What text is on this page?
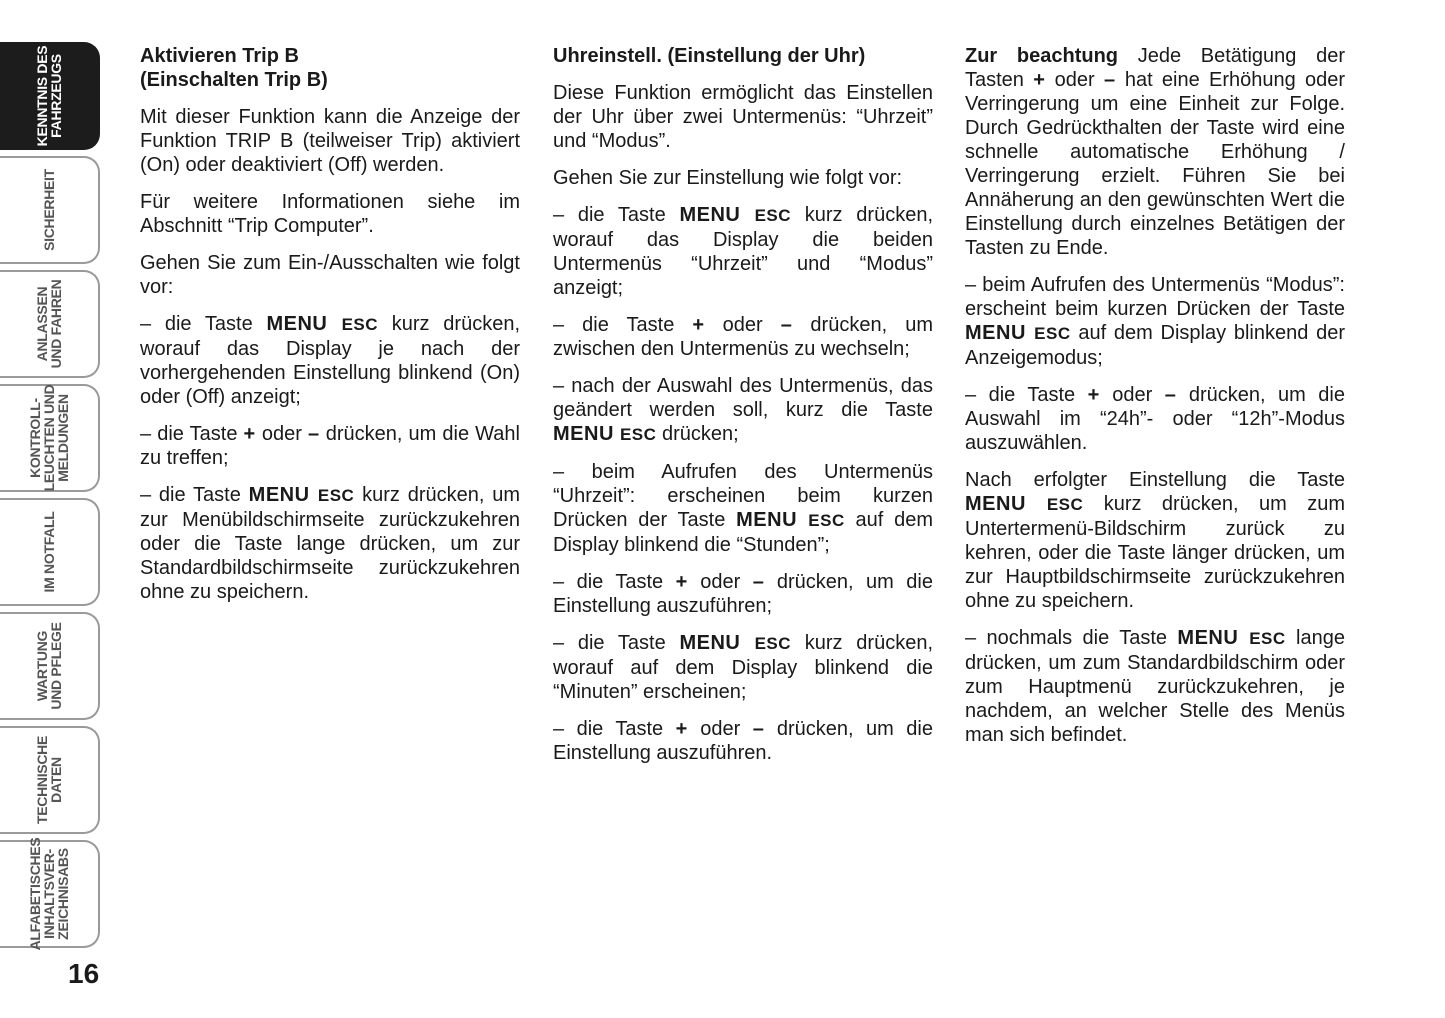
KENNTNIS DES
FAHRZEUGS
SICHERHEIT
ANLASSEN
UND FAHREN
KONTROLL-
LEUCHTEN UND
MELDUNGEN
IM NOTFALL
WARTUNG
UND PFLEGE
TECHNISCHE
DATEN
ALFABETISCHES
INHALTSVER-
ZEICHNISABS
16
Aktivieren Trip B
(Einschalten Trip B)

Mit dieser Funktion kann die Anzeige der Funktion TRIP B (teilweiser Trip) aktiviert (On) oder deaktiviert (Off) werden.

Für weitere Informationen siehe im Abschnitt “Trip Computer”.

Gehen Sie zum Ein-/Ausschalten wie folgt vor:

– die Taste MENU ESC kurz drücken, worauf das Display je nach der vorhergehenden Einstellung blinkend (On) oder (Off) anzeigt;

– die Taste + oder – drücken, um die Wahl zu treffen;

– die Taste MENU ESC kurz drücken, um zur Menübildschirmseite zurückzukehren oder die Taste lange drücken, um zur Standardbildschirmseite zurückzukehren ohne zu speichern.

Uhreinstell. (Einstellung der Uhr)

Diese Funktion ermöglicht das Einstellen der Uhr über zwei Untermenüs: “Uhrzeit” und “Modus”.

Gehen Sie zur Einstellung wie folgt vor:

– die Taste MENU ESC kurz drücken, worauf das Display die beiden Untermenüs “Uhrzeit” und “Modus” anzeigt;

– die Taste + oder – drücken, um zwischen den Untermenüs zu wechseln;

– nach der Auswahl des Untermenüs, das geändert werden soll, kurz die Taste MENU ESC drücken;

– beim Aufrufen des Untermenüs “Uhrzeit”: erscheinen beim kurzen Drücken der Taste MENU ESC auf dem Display blinkend die “Stunden”;

– die Taste + oder – drücken, um die Einstellung auszuführen;

– die Taste MENU ESC kurz drücken, worauf auf dem Display blinkend die “Minuten” erscheinen;

– die Taste + oder – drücken, um die Einstellung auszuführen.

Zur beachtung Jede Betätigung der Tasten + oder – hat eine Erhöhung oder Verringerung um eine Einheit zur Folge. Durch Gedrückthalten der Taste wird eine schnelle automatische Erhöhung / Verringerung erzielt. Führen Sie bei Annäherung an den gewünschten Wert die Einstellung durch einzelnes Betätigen der Tasten zu Ende.

– beim Aufrufen des Untermenüs “Modus”: erscheint beim kurzen Drücken der Taste MENU ESC auf dem Display blinkend der Anzeigemodus;

– die Taste + oder – drücken, um die Auswahl im “24h”- oder “12h”-Modus auszuwählen.

Nach erfolgter Einstellung die Taste MENU ESC kurz drücken, um zum Untertermenü-Bildschirm zurück zu kehren, oder die Taste länger drücken, um zur Hauptbildschirmseite zurückzukehren ohne zu speichern.

– nochmals die Taste MENU ESC lange drücken, um zum Standardbildschirm oder zum Hauptmenü zurückzukehren, je nachdem, an welcher Stelle des Menüs man sich befindet.
